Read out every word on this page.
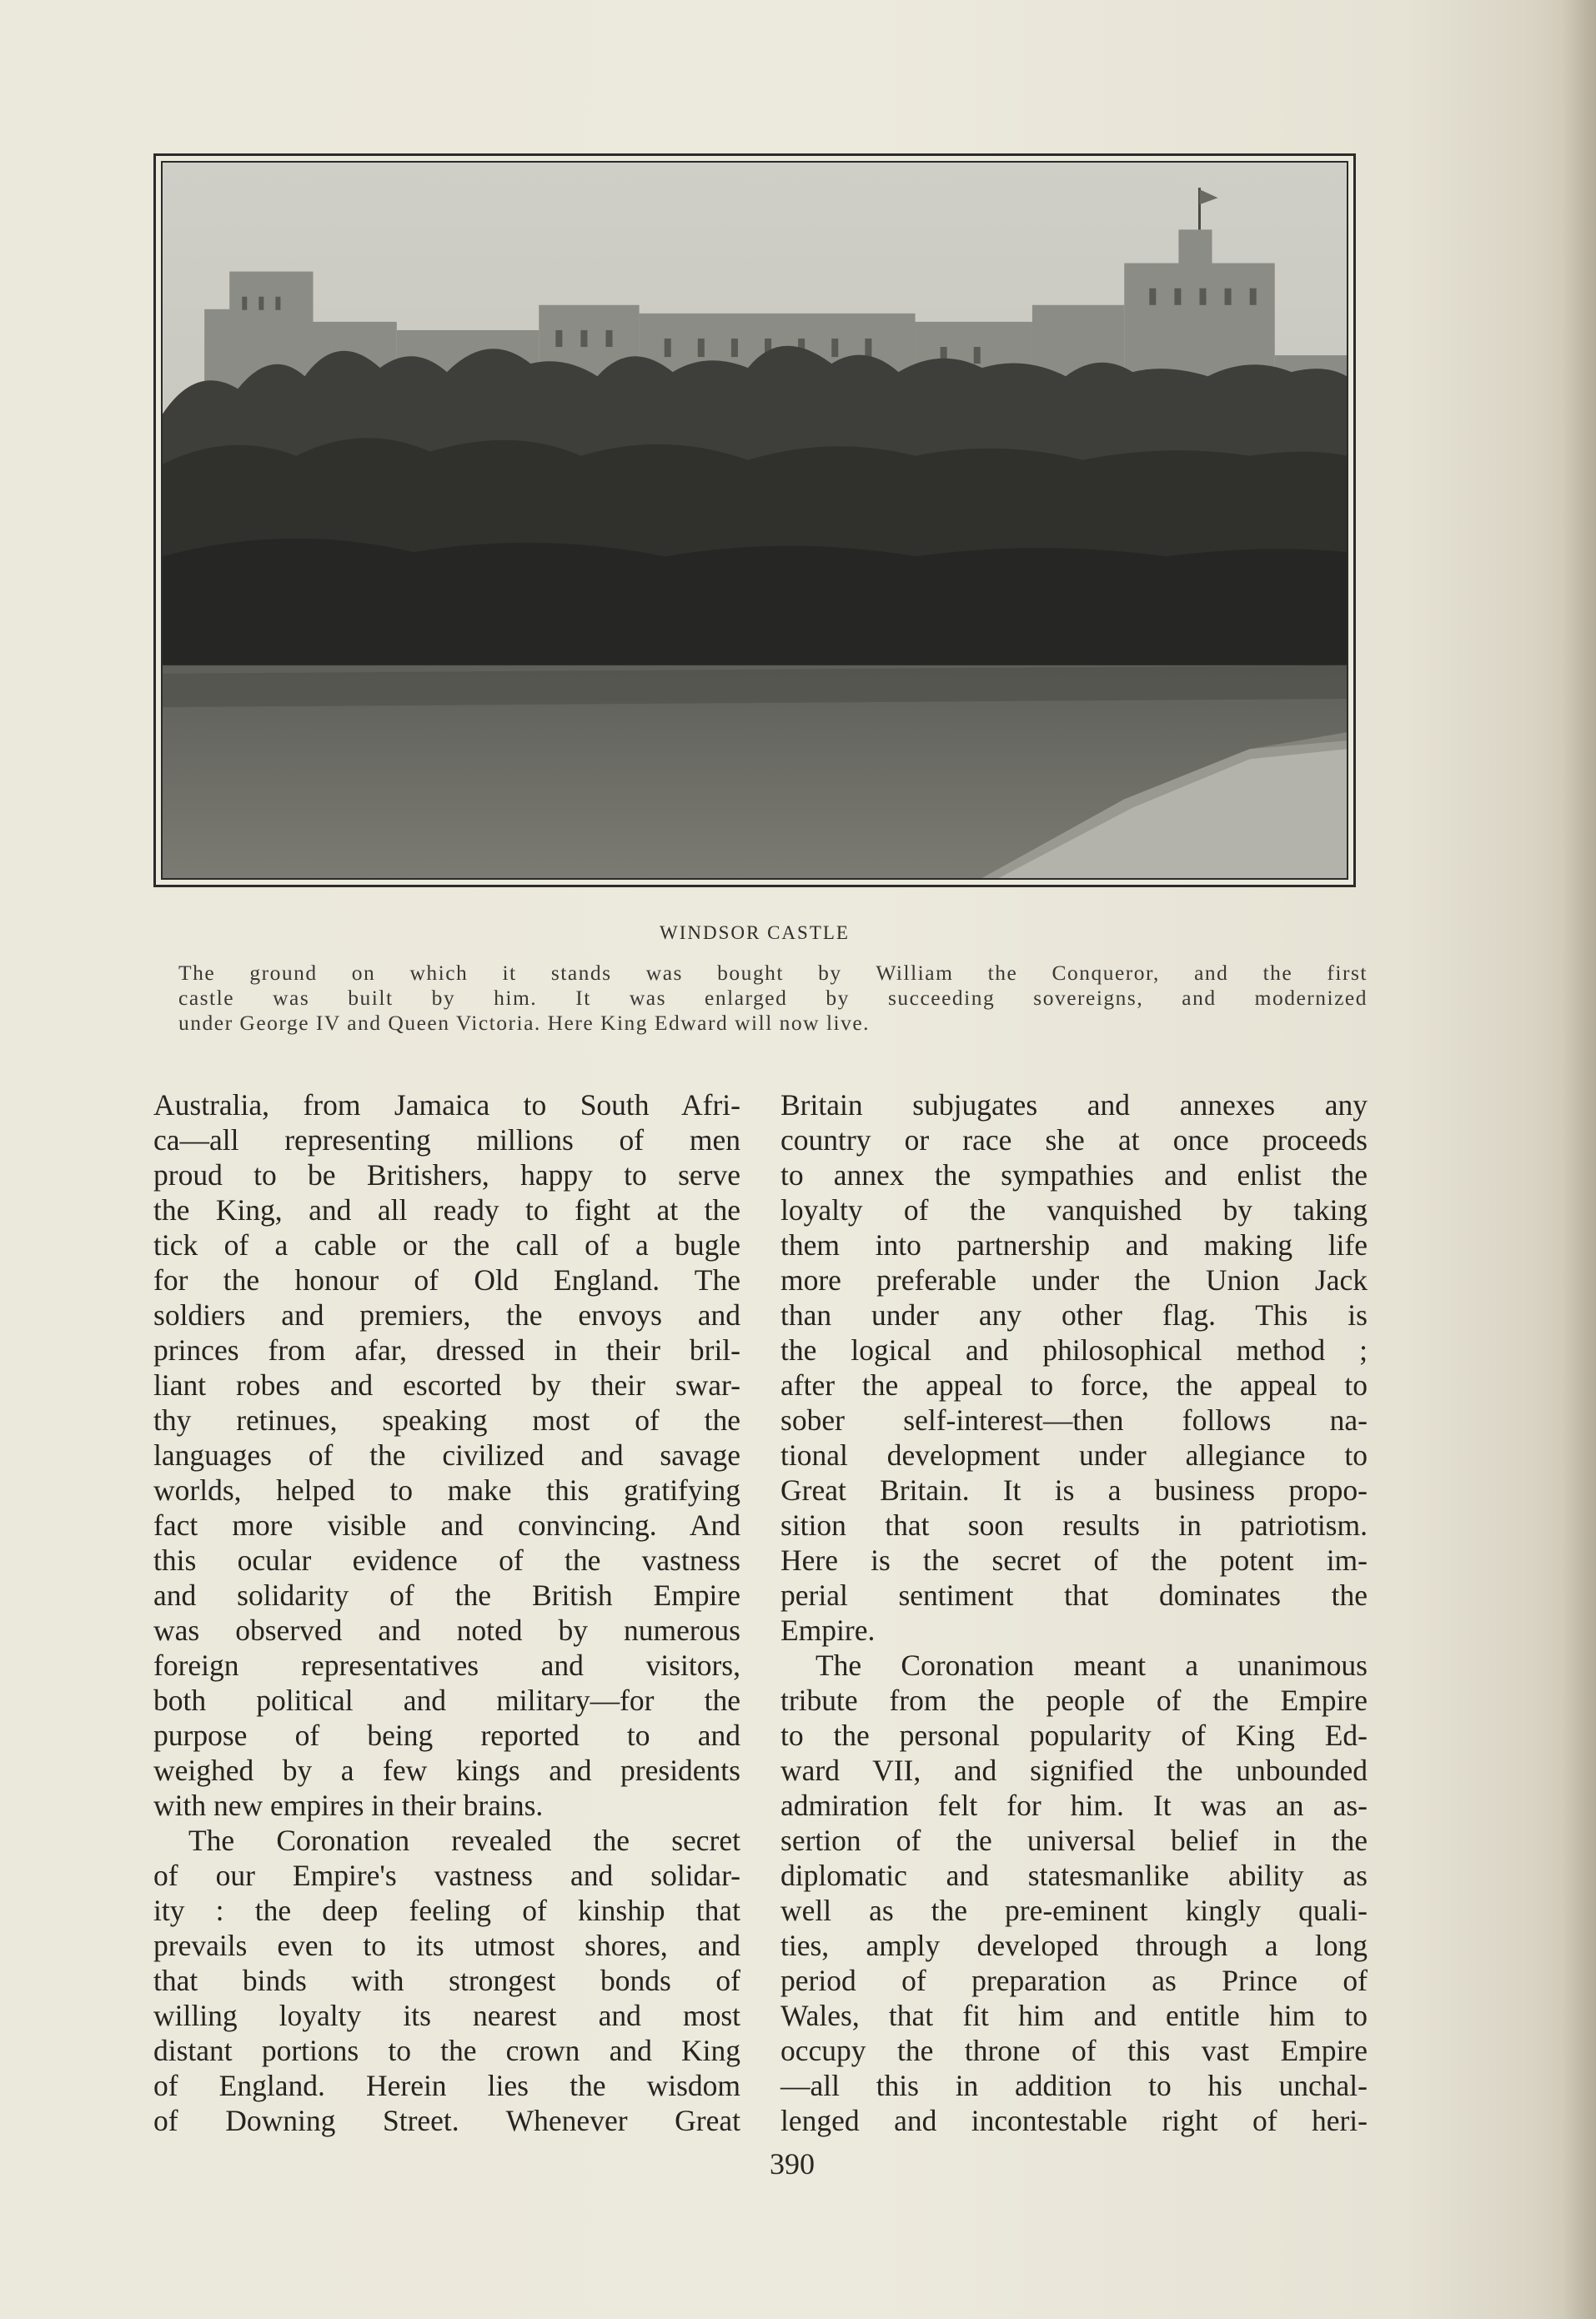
WINDSOR CASTLE
The ground on which it stands was bought by William the Conqueror, and the first
castle was built by him. It was enlarged by succeeding sovereigns, and modernized
under George IV and Queen Victoria. Here King Edward will now live.
Australia, from Jamaica to South Afri-
ca—all representing millions of men
proud to be Britishers, happy to serve
the King, and all ready to fight at the
tick of a cable or the call of a bugle
for the honour of Old England. The
soldiers and premiers, the envoys and
princes from afar, dressed in their bril-
liant robes and escorted by their swar-
thy retinues, speaking most of the
languages of the civilized and savage
worlds, helped to make this gratifying
fact more visible and convincing. And
this ocular evidence of the vastness
and solidarity of the British Empire
was observed and noted by numerous
foreign representatives and visitors,
both political and military—for the
purpose of being reported to and
weighed by a few kings and presidents
with new empires in their brains.
The Coronation revealed the secret
of our Empire's vastness and solidar-
ity : the deep feeling of kinship that
prevails even to its utmost shores, and
that binds with strongest bonds of
willing loyalty its nearest and most
distant portions to the crown and King
of England. Herein lies the wisdom
of Downing Street. Whenever Great
Britain subjugates and annexes any
country or race she at once proceeds
to annex the sympathies and enlist the
loyalty of the vanquished by taking
them into partnership and making life
more preferable under the Union Jack
than under any other flag. This is
the logical and philosophical method ;
after the appeal to force, the appeal to
sober self-interest—then follows na-
tional development under allegiance to
Great Britain. It is a business propo-
sition that soon results in patriotism.
Here is the secret of the potent im-
perial sentiment that dominates the
Empire.
The Coronation meant a unanimous
tribute from the people of the Empire
to the personal popularity of King Ed-
ward VII, and signified the unbounded
admiration felt for him. It was an as-
sertion of the universal belief in the
diplomatic and statesmanlike ability as
well as the pre-eminent kingly quali-
ties, amply developed through a long
period of preparation as Prince of
Wales, that fit him and entitle him to
occupy the throne of this vast Empire
—all this in addition to his unchal-
lenged and incontestable right of heri-
390
